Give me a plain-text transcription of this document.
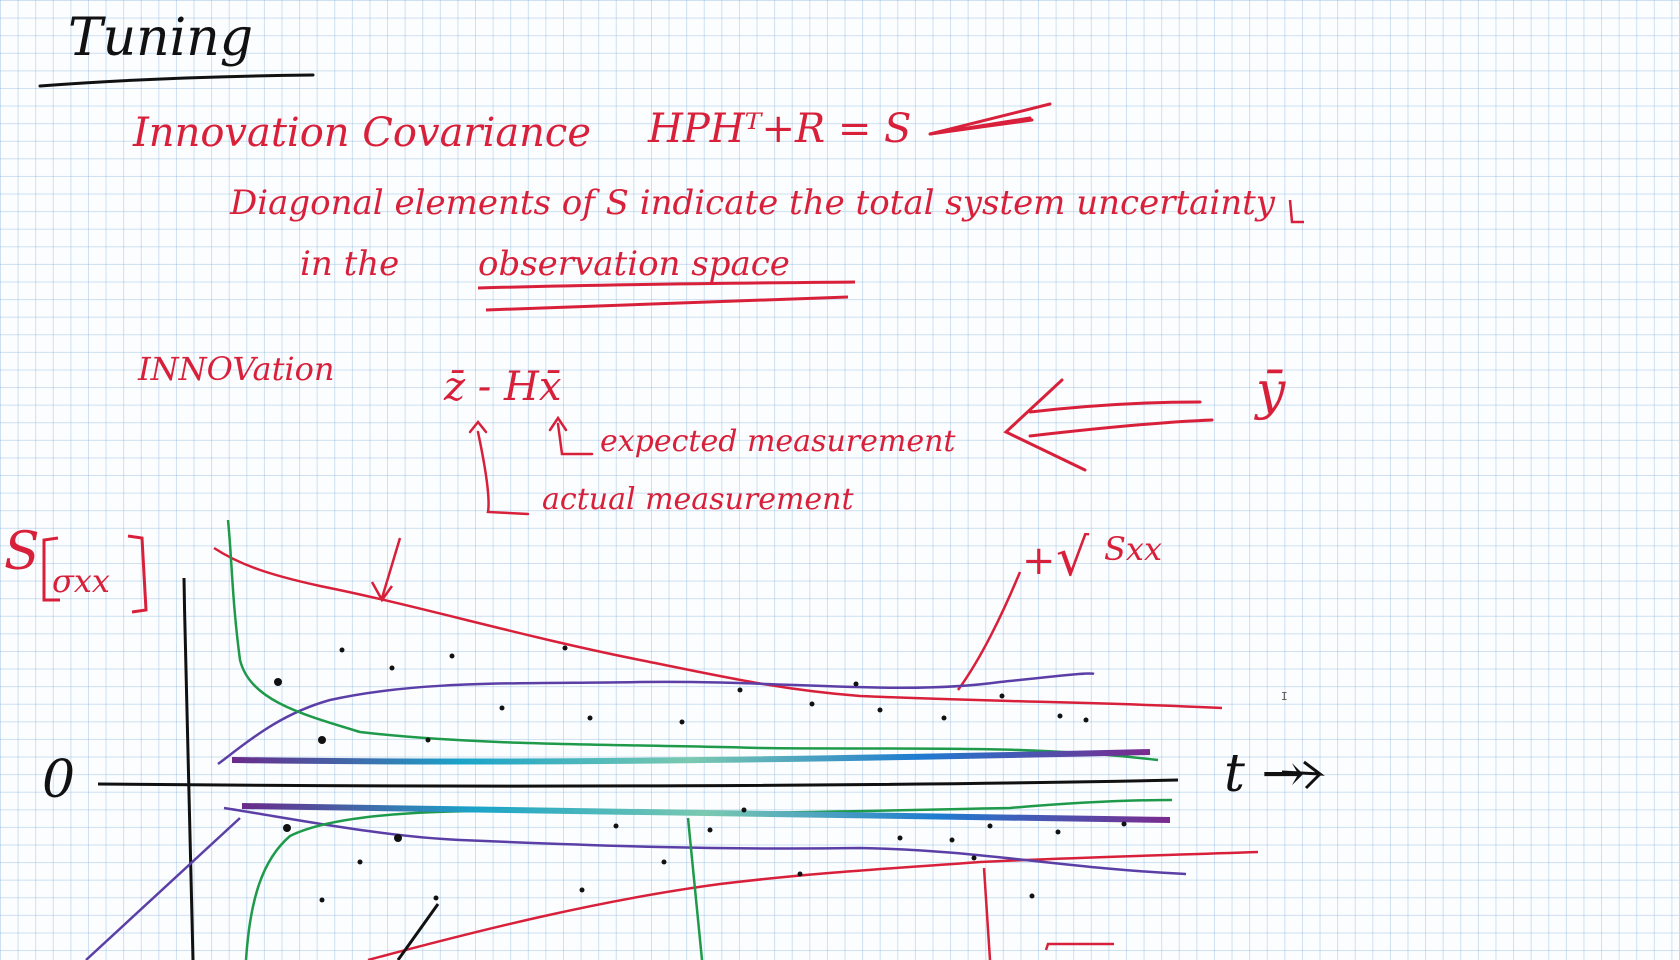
Tuning
Innovation Covariance HPHᵀ+R = S
Diagonal elements of S indicate the total system uncertainty
in the observation space
INNOVation	z̄ - Hx̄	ȳ
expected measurement
actual measurement
S σxx
0	t →
+ √ Sxx
I
